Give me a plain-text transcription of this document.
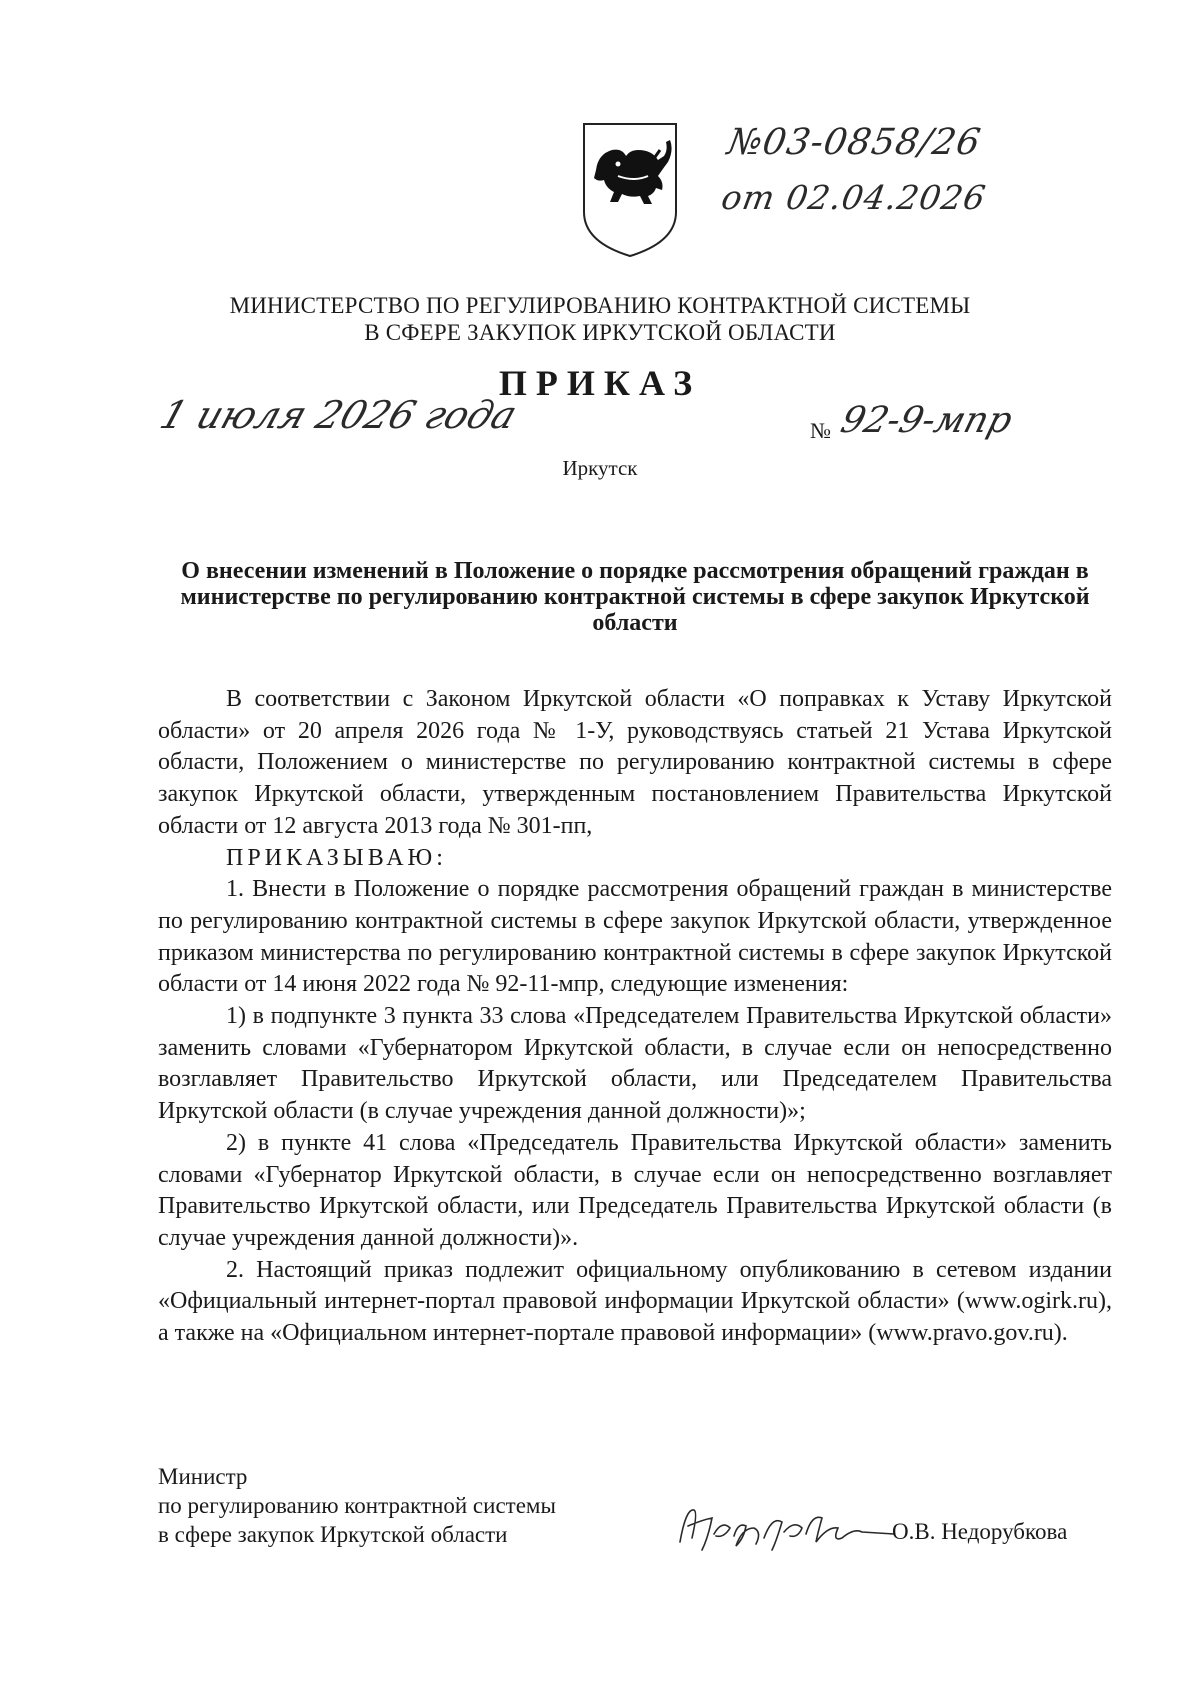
№03-0858/26
от 02.04.2026
МИНИСТЕРСТВО ПО РЕГУЛИРОВАНИЮ КОНТРАКТНОЙ СИСТЕМЫ
В СФЕРЕ ЗАКУПОК ИРКУТСКОЙ ОБЛАСТИ
ПРИКАЗ
1 июля 2026 года	№ 92-9-мпр
Иркутск
О внесении изменений в Положение о порядке рассмотрения обращений граждан в министерстве по регулированию контрактной системы в сфере закупок Иркутской области

В соответствии с Законом Иркутской области «О поправках к Уставу Иркутской области» от 20 апреля 2026 года № 1-У, руководствуясь статьей 21 Устава Иркутской области, Положением о министерстве по регулированию контрактной системы в сфере закупок Иркутской области, утвержденным постановлением Правительства Иркутской области от 12 августа 2013 года № 301-пп,

ПРИКАЗЫВАЮ:

1. Внести в Положение о порядке рассмотрения обращений граждан в министерстве по регулированию контрактной системы в сфере закупок Иркутской области, утвержденное приказом министерства по регулированию контрактной системы в сфере закупок Иркутской области от 14 июня 2022 года № 92-11-мпр, следующие изменения:

1) в подпункте 3 пункта 33 слова «Председателем Правительства Иркутской области» заменить словами «Губернатором Иркутской области, в случае если он непосредственно возглавляет Правительство Иркутской области, или Председателем Правительства Иркутской области (в случае учреждения данной должности)»;

2) в пункте 41 слова «Председатель Правительства Иркутской области» заменить словами «Губернатор Иркутской области, в случае если он непосредственно возглавляет Правительство Иркутской области, или Председатель Правительства Иркутской области (в случае учреждения данной должности)».

2. Настоящий приказ подлежит официальному опубликованию в сетевом издании «Официальный интернет-портал правовой информации Иркутской области» (www.ogirk.ru), а также на «Официальном интернет-портале правовой информации» (www.pravo.gov.ru).

Министр
по регулированию контрактной системы
в сфере закупок Иркутской области	О.В. Недорубкова
